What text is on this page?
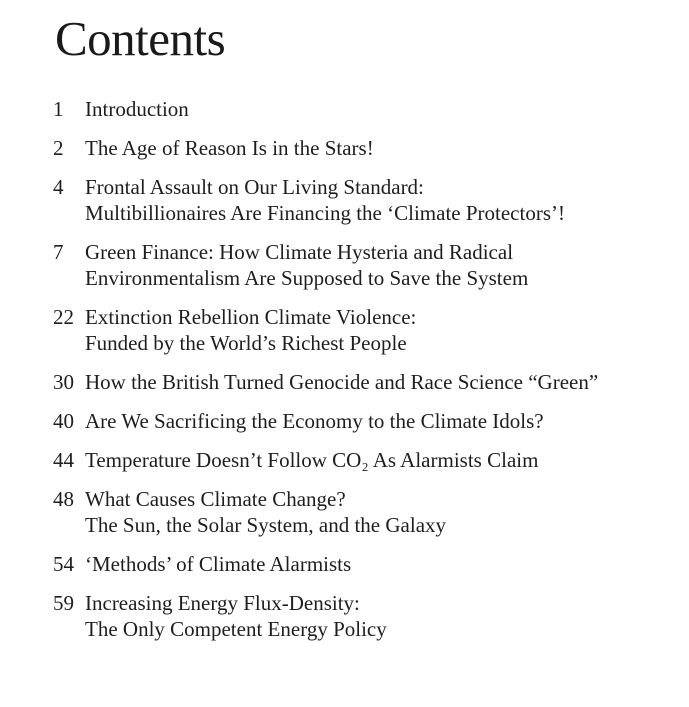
Contents
1	Introduction
2	The Age of Reason Is in the Stars!
4	Frontal Assault on Our Living Standard:
Multibillionaires Are Financing the ‘Climate Protectors’!
7	Green Finance: How Climate Hysteria and Radical
Environmentalism Are Supposed to Save the System
22 Extinction Rebellion Climate Violence:
Funded by the World’s Richest People
30 How the British Turned Genocide and Race Science “Green”
40 Are We Sacrificing the Economy to the Climate Idols?
44 Temperature Doesn’t Follow CO₂ As Alarmists Claim
48 What Causes Climate Change?
The Sun, the Solar System, and the Galaxy
54 ‘Methods’ of Climate Alarmists
59 Increasing Energy Flux-Density:
The Only Competent Energy Policy
